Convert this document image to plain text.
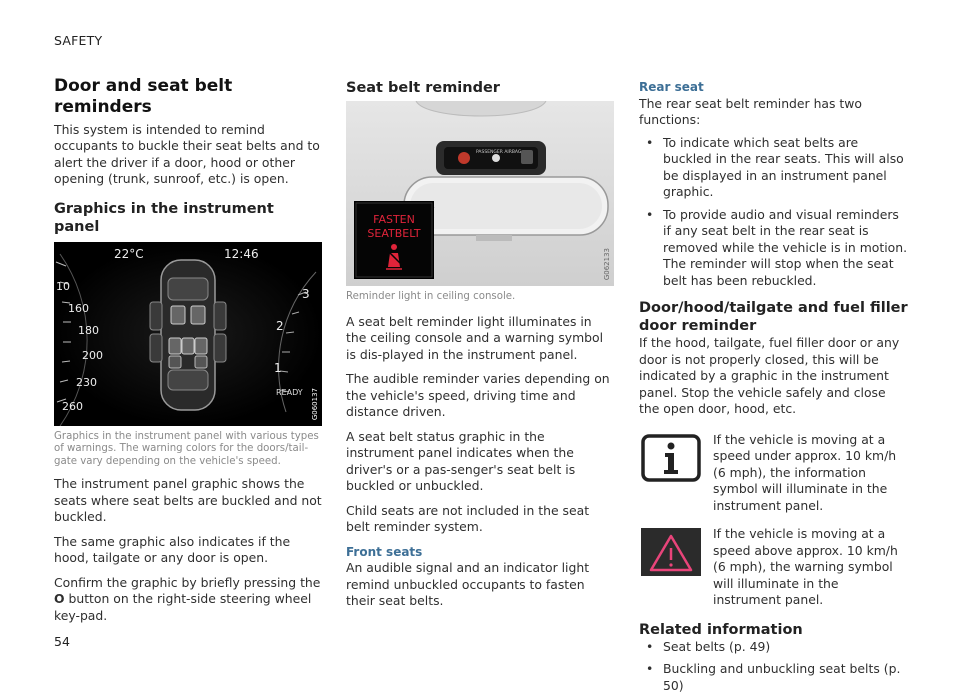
SAFETY
Door and seat belt reminders

This system is intended to remind occupants to buckle their seat belts and to alert the driver if a door, hood or other opening (trunk, sunroof, etc.) is open.

Graphics in the instrument panel
22°C	12:46
10
160
180
200
230
260
3
2
1
READY G060137

Graphics in the instrument panel with various types of warnings. The warning colors for the doors/tail-gate vary depending on the vehicle's speed.

The instrument panel graphic shows the seats where seat belts are buckled and not buckled.

The same graphic also indicates if the hood, tailgate or any door is open.

Confirm the graphic by briefly pressing the O button on the right-side steering wheel key-pad.

Seat belt reminder
PASSENGER AIRBAG
FASTEN
SEATBELT
G062133

Reminder light in ceiling console.

A seat belt reminder light illuminates in the ceiling console and a warning symbol is dis-played in the instrument panel.

The audible reminder varies depending on the vehicle's speed, driving time and distance driven.

A seat belt status graphic in the instrument panel indicates when the driver's or a pas-senger's seat belt is buckled or unbuckled.

Child seats are not included in the seat belt reminder system.

Front seats

An audible signal and an indicator light remind unbuckled occupants to fasten their seat belts.

Rear seat

The rear seat belt reminder has two functions:

• To indicate which seat belts are buckled in the rear seats. This will also be displayed in an instrument panel graphic.
• To provide audio and visual reminders if any seat belt in the rear seat is removed while the vehicle is in motion. The reminder will stop when the seat belt has been rebuckled.
Door/hood/tailgate and fuel filler door reminder

If the hood, tailgate, fuel filler door or any door is not properly closed, this will be indicated by a graphic in the instrument panel. Stop the vehicle safely and close the open door, hood, etc.

If the vehicle is moving at a speed under approx. 10 km/h (6 mph), the information symbol will illuminate in the instrument panel.

If the vehicle is moving at a speed above approx. 10 km/h (6 mph), the warning symbol will illuminate in the instrument panel.

Related information
• Seat belts (p. 49)
• Buckling and unbuckling seat belts (p. 50)
54
